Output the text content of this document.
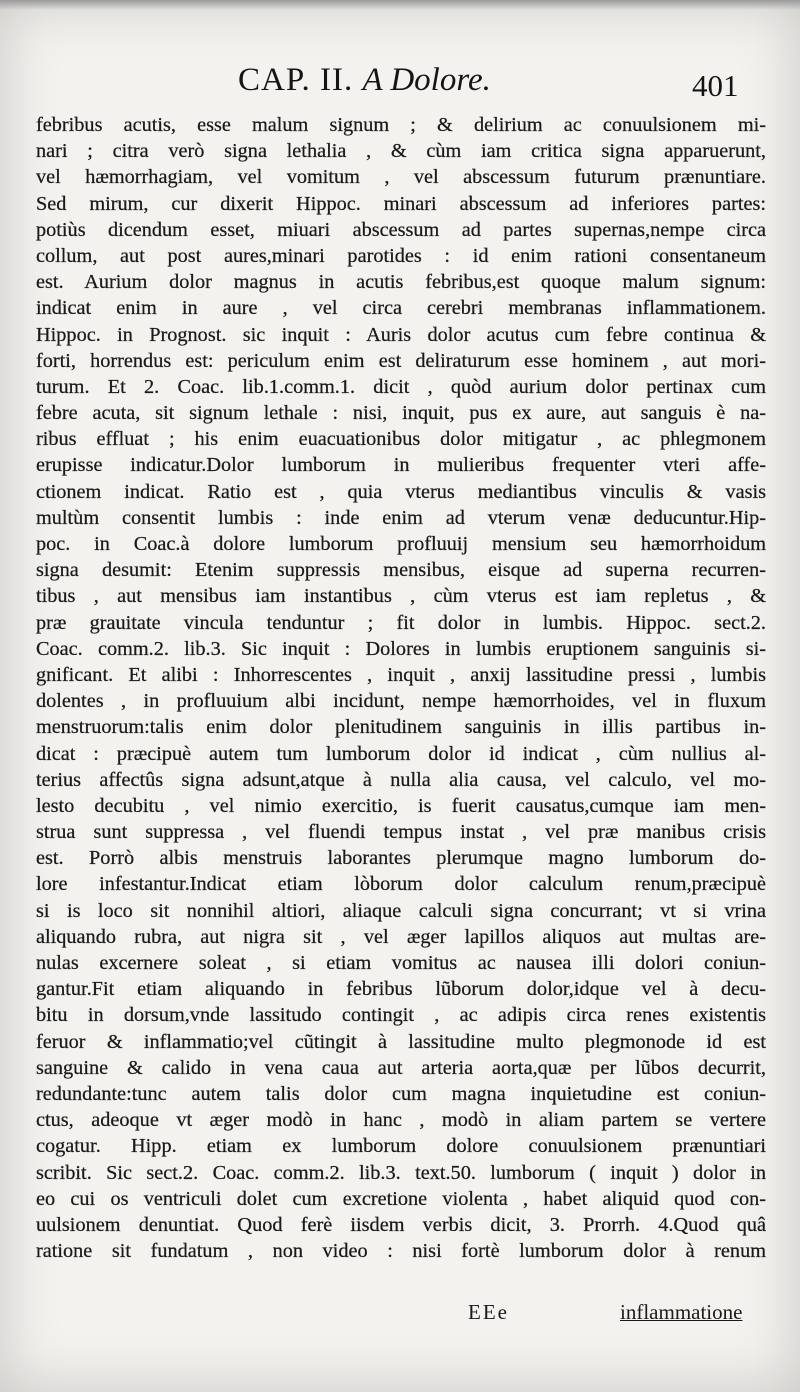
CAP. II. A Dolore.	401
febribus acutis, esse malum signum ; & delirium ac conuulsionem mi-
nari ; citra verò signa lethalia , & cùm iam critica signa apparuerunt,
vel hæmorrhagiam, vel vomitum , vel abscessum futurum prænuntiare.
Sed mirum, cur dixerit Hippoc. minari abscessum ad inferiores partes:
potiùs dicendum esset, miuari abscessum ad partes supernas,nempe circa
collum, aut post aures,minari parotides : id enim rationi consentaneum
est. Aurium dolor magnus in acutis febribus,est quoque malum signum:
indicat enim in aure , vel circa cerebri membranas inflammationem.
Hippoc. in Prognost. sic inquit : Auris dolor acutus cum febre continua &
forti, horrendus est: periculum enim est deliraturum esse hominem , aut mori-
turum. Et 2. Coac. lib.1.comm.1. dicit , quòd aurium dolor pertinax cum
febre acuta, sit signum lethale : nisi, inquit, pus ex aure, aut sanguis è na-
ribus effluat ; his enim euacuationibus dolor mitigatur , ac phlegmonem
erupisse indicatur.Dolor lumborum in mulieribus frequenter vteri affe-
ctionem indicat. Ratio est , quia vterus mediantibus vinculis & vasis
multùm consentit lumbis : inde enim ad vterum venæ deducuntur.Hip-
poc. in Coac.à dolore lumborum profluuij mensium seu hæmorrhoidum
signa desumit: Etenim suppressis mensibus, eisque ad superna recurren-
tibus , aut mensibus iam instantibus , cùm vterus est iam repletus , &
præ grauitate vincula tenduntur ; fit dolor in lumbis. Hippoc. sect.2.
Coac. comm.2. lib.3. Sic inquit : Dolores in lumbis eruptionem sanguinis si-
gnificant. Et alibi : Inhorrescentes , inquit , anxij lassitudine pressi , lumbis
dolentes , in profluuium albi incidunt, nempe hæmorrhoides, vel in fluxum
menstruorum:talis enim dolor plenitudinem sanguinis in illis partibus in-
dicat : præcipuè autem tum lumborum dolor id indicat , cùm nullius al-
terius affectûs signa adsunt,atque à nulla alia causa, vel calculo, vel mo-
lesto decubitu , vel nimio exercitio, is fuerit causatus,cumque iam men-
strua sunt suppressa , vel fluendi tempus instat , vel præ manibus crisis
est. Porrò albis menstruis laborantes plerumque magno lumborum do-
lore infestantur.Indicat etiam lòborum dolor calculum renum,præcipuè
si is loco sit nonnihil altiori, aliaque calculi signa concurrant; vt si vrina
aliquando rubra, aut nigra sit , vel æger lapillos aliquos aut multas are-
nulas excernere soleat , si etiam vomitus ac nausea illi dolori coniun-
gantur.Fit etiam aliquando in febribus lũborum dolor,idque vel à decu-
bitu in dorsum,vnde lassitudo contingit , ac adipis circa renes existentis
feruor & inflammatio;vel cũtingit à lassitudine multo plegmonode id est
sanguine & calido in vena caua aut arteria aorta,quæ per lũbos decurrit,
redundante:tunc autem talis dolor cum magna inquietudine est coniun-
ctus, adeoque vt æger modò in hanc , modò in aliam partem se vertere
cogatur. Hipp. etiam ex lumborum dolore conuulsionem prænuntiari
scribit. Sic sect.2. Coac. comm.2. lib.3. text.50. lumborum ( inquit ) dolor in
eo cui os ventriculi dolet cum excretione violenta , habet aliquid quod con-
uulsionem denuntiat. Quod ferè iisdem verbis dicit, 3. Prorrh. 4.Quod quâ
ratione sit fundatum , non video : nisi fortè lumborum dolor à renum
EEe	inflammatione
